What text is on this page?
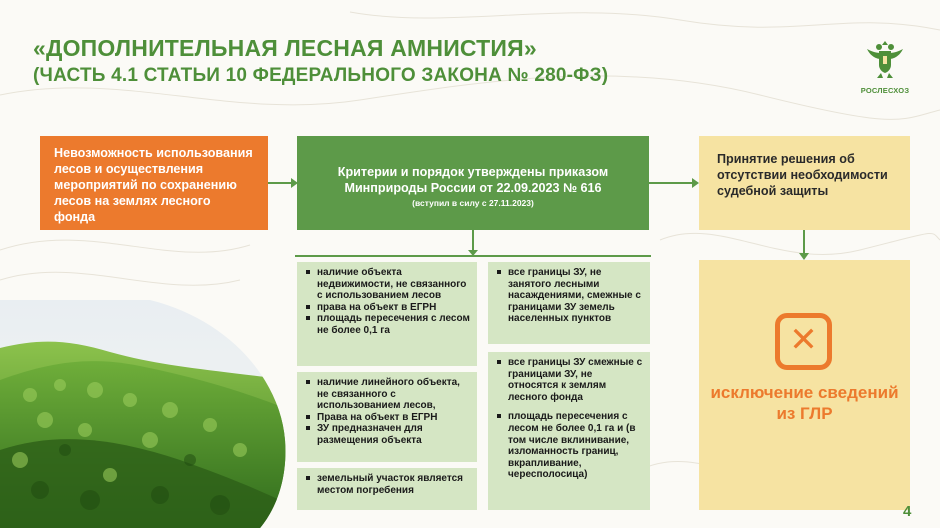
«ДОПОЛНИТЕЛЬНАЯ ЛЕСНАЯ АМНИСТИЯ»
(ЧАСТЬ 4.1 СТАТЬИ 10 ФЕДЕРАЛЬНОГО ЗАКОНА № 280-ФЗ)
РОСЛЕСХОЗ
Невозможность использования лесов и осуществления мероприятий по сохранению лесов на землях лесного фонда
Критерии и порядок утверждены приказом Минприроды России от 22.09.2023 № 616
(вступил в силу с 27.11.2023)
Принятие решения об отсутствии необходимости судебной защиты
✕
исключение сведений из ГЛР
наличие объекта недвижимости, не связанного с использованием лесов
права на объект в ЕГРН
площадь пересечения с лесом не более 0,1 га
наличие линейного объекта, не связанного с использованием лесов,
Права на объект в ЕГРН
ЗУ предназначен для размещения объекта
земельный участок является местом погребения
все границы ЗУ, не занятого лесными насаждениями, смежные с границами ЗУ земель населенных пунктов
все границы ЗУ смежные с границами ЗУ, не относятся к землям лесного фонда
площадь пересечения с лесом не более 0,1 га и (в том числе вклинивание, изломанность границ, вкрапливание, чересполосица)
4
